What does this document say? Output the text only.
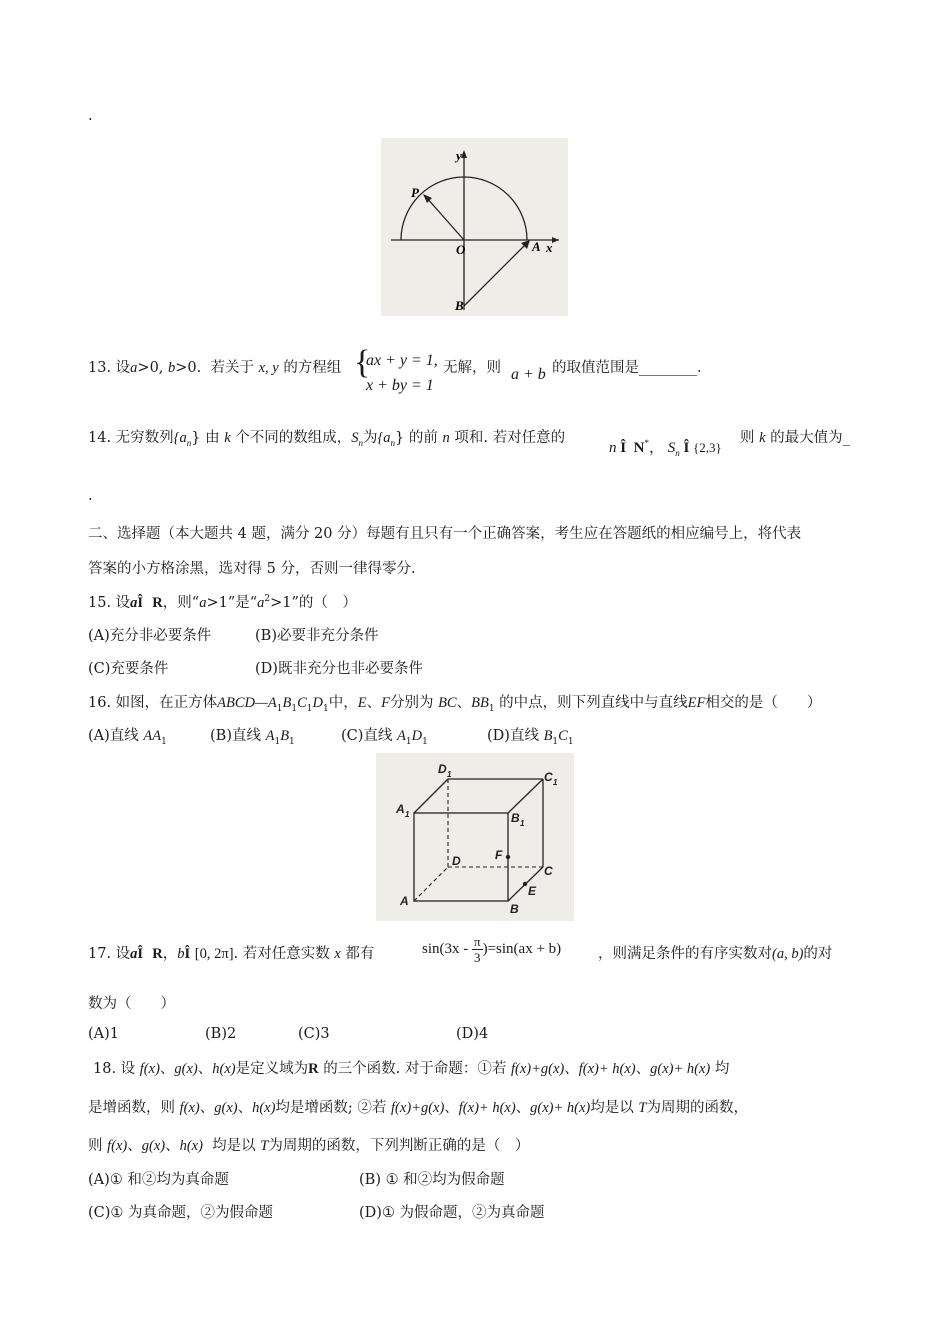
.
y
x
P
O	A
B
13. 设a>0, b>0. 若关于 x, y 的方程组 {
ax + y = 1,
x + by = 1
无解，则 a + b 的取值范围是________.
14. 无穷数列$\{a_n\}$ 由 k 个不同的数组成，$S_n$为$\{a_n\}$ 的前 n 项和. 若对任意的
n Î N*， $S_n$ Î {2,3}
则 k 的最大值为_
.
二、选择题（本大题共 4 题，满分 20 分）每题有且只有一个正确答案，考生应在答题纸的相应编号上，将代表
答案的小方格涂黑，选对得 5 分，否则一律得零分.
15. 设aÎ R，则“a>1”是“$a^2>1$”的（　）
(A)充分非必要条件	(B)必要非充分条件
(C)充要条件	(D)既非充分也非必要条件
16. 如图，在正方体$ABCD—A_1B_1C_1D_1$中，E、F分别为 BC、$BB_1$ 的中点，则下列直线中与直线EF相交的是（　　）
(A)直线 $AA_1$	(B)直线 $A_1B_1$	(C)直线 $A_1D_1$	(D)直线 $B_1C_1$
D 1	C 1
A 1	B 1
F
D
C
A
E
B
17. 设aÎ R，bÎ [0, 2π]. 若对任意实数 x 都有	$\sin(3x - \frac{\pi}{3} )=\sin(ax + b)$	，则满足条件的有序实数对(a, b)的对
数为（　　）
(A)1	(B)2	(C)3	(D)4
18. 设 f(x)、g(x)、h(x)是定义域为R 的三个函数. 对于命题：①若 f(x)+g(x)、f(x)+ h(x)、g(x)+ h(x) 均
是增函数，则 f(x)、g(x)、h(x)均是增函数; ②若 f(x)+g(x)、f(x)+ h(x)、g(x)+ h(x)均是以 T为周期的函数，
则 f(x)、g(x)、h(x) 均是以 T为周期的函数，下列判断正确的是（　）
(A)① 和②均为真命题	(B) ① 和②均为假命题
(C)① 为真命题，②为假命题	(D)① 为假命题，②为真命题
